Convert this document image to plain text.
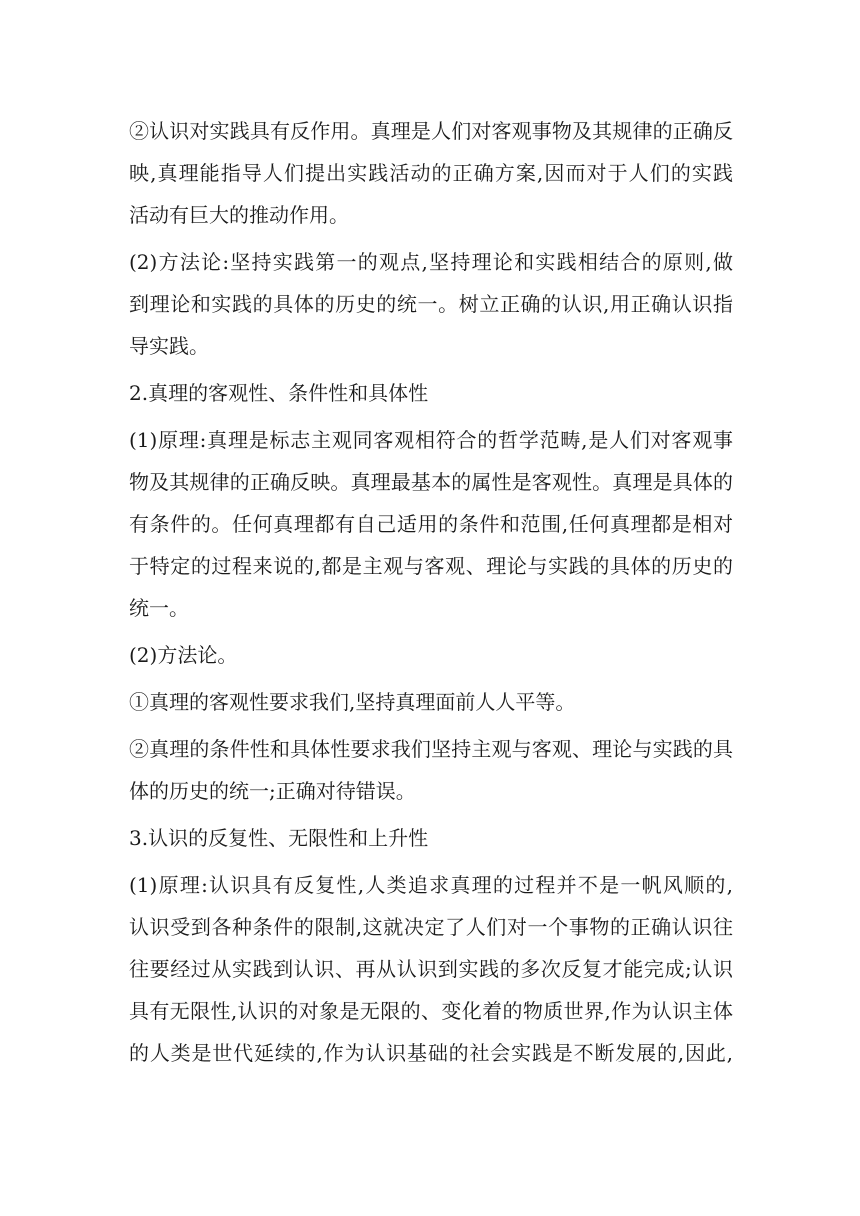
②认识对实践具有反作用。真理是人们对客观事物及其规律的正确反
映,真理能指导人们提出实践活动的正确方案,因而对于人们的实践
活动有巨大的推动作用。
(2)方法论:坚持实践第一的观点,坚持理论和实践相结合的原则,做
到理论和实践的具体的历史的统一。树立正确的认识,用正确认识指
导实践。
2.真理的客观性、条件性和具体性
(1)原理:真理是标志主观同客观相符合的哲学范畴,是人们对客观事
物及其规律的正确反映。真理最基本的属性是客观性。真理是具体的
有条件的。任何真理都有自己适用的条件和范围,任何真理都是相对
于特定的过程来说的,都是主观与客观、理论与实践的具体的历史的
统一。
(2)方法论。
①真理的客观性要求我们,坚持真理面前人人平等。
②真理的条件性和具体性要求我们坚持主观与客观、理论与实践的具
体的历史的统一;正确对待错误。
3.认识的反复性、无限性和上升性
(1)原理:认识具有反复性,人类追求真理的过程并不是一帆风顺的,
认识受到各种条件的限制,这就决定了人们对一个事物的正确认识往
往要经过从实践到认识、再从认识到实践的多次反复才能完成;认识
具有无限性,认识的对象是无限的、变化着的物质世界,作为认识主体
的人类是世代延续的,作为认识基础的社会实践是不断发展的,因此,
